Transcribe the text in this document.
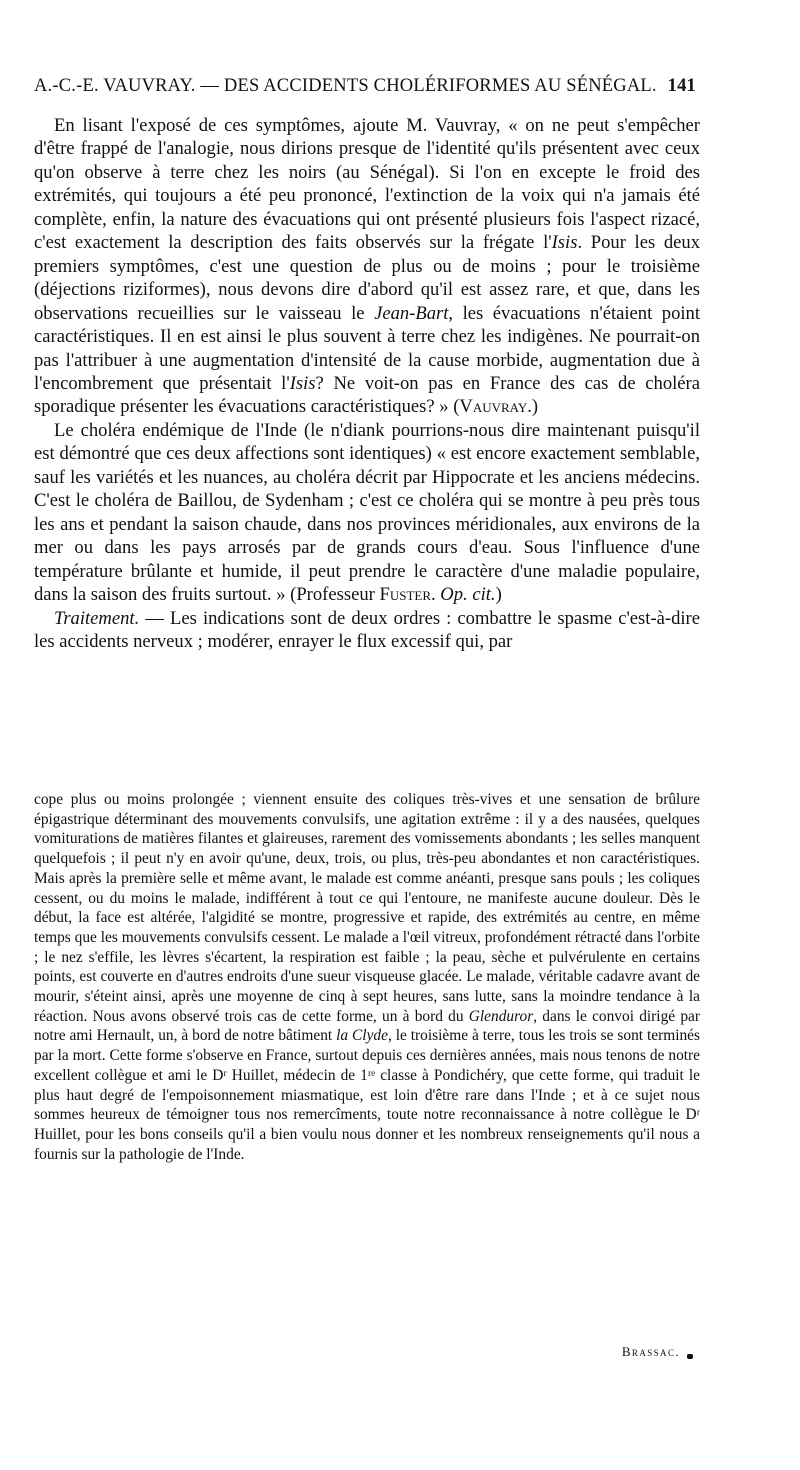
A.-C.-E. VAUVRAY. — DES ACCIDENTS CHOLÉRIFORMES AU SÉNÉGAL. 141

En lisant l'exposé de ces symptômes, ajoute M. Vauvray, « on ne peut s'empêcher d'être frappé de l'analogie, nous dirions presque de l'identité qu'ils présentent avec ceux qu'on observe à terre chez les noirs (au Sénégal). Si l'on en excepte le froid des extrémités, qui toujours a été peu prononcé, l'extinction de la voix qui n'a jamais été complète, enfin, la nature des évacuations qui ont présenté plusieurs fois l'aspect rizacé, c'est exactement la description des faits observés sur la frégate l'Isis. Pour les deux premiers symptômes, c'est une question de plus ou de moins ; pour le troisième (déjections riziformes), nous devons dire d'abord qu'il est assez rare, et que, dans les observations recueillies sur le vaisseau le Jean-Bart, les évacuations n'étaient point caractéristiques. Il en est ainsi le plus souvent à terre chez les indigènes. Ne pourrait-on pas l'attribuer à une augmentation d'intensité de la cause morbide, augmentation due à l'encombrement que présentait l'Isis? Ne voit-on pas en France des cas de choléra sporadique présenter les évacuations caractéristiques? » (Vauvray.)

Le choléra endémique de l'Inde (le n'diank pourrions-nous dire maintenant puisqu'il est démontré que ces deux affections sont identiques) « est encore exactement semblable, sauf les variétés et les nuances, au choléra décrit par Hippocrate et les anciens médecins. C'est le choléra de Baillou, de Sydenham ; c'est ce choléra qui se montre à peu près tous les ans et pendant la saison chaude, dans nos provinces méridionales, aux environs de la mer ou dans les pays arrosés par de grands cours d'eau. Sous l'influence d'une température brûlante et humide, il peut prendre le caractère d'une maladie populaire, dans la saison des fruits surtout. » (Professeur Fuster. Op. cit.)

Traitement. — Les indications sont de deux ordres : combattre le spasme c'est-à-dire les accidents nerveux ; modérer, enrayer le flux excessif qui, par

cope plus ou moins prolongée ; viennent ensuite des coliques très-vives et une sensation de brûlure épigastrique déterminant des mouvements convulsifs, une agitation extrême : il y a des nausées, quelques vomiturations de matières filantes et glaireuses, rarement des vomissements abondants ; les selles manquent quelquefois ; il peut n'y en avoir qu'une, deux, trois, ou plus, très-peu abondantes et non caractéristiques. Mais après la première selle et même avant, le malade est comme anéanti, presque sans pouls ; les coliques cessent, ou du moins le malade, indifférent à tout ce qui l'entoure, ne manifeste aucune douleur. Dès le début, la face est altérée, l'algidité se montre, progressive et rapide, des extrémités au centre, en même temps que les mouvements convulsifs cessent. Le malade a l'œil vitreux, profondément rétracté dans l'orbite ; le nez s'effile, les lèvres s'écartent, la respiration est faible ; la peau, sèche et pulvérulente en certains points, est couverte en d'autres endroits d'une sueur visqueuse glacée. Le malade, véritable cadavre avant de mourir, s'éteint ainsi, après une moyenne de cinq à sept heures, sans lutte, sans la moindre tendance à la réaction. Nous avons observé trois cas de cette forme, un à bord du Glenduror, dans le convoi dirigé par notre ami Hernault, un, à bord de notre bâtiment la Clyde, le troisième à terre, tous les trois se sont terminés par la mort. Cette forme s'observe en France, surtout depuis ces dernières années, mais nous tenons de notre excellent collègue et ami le Dʳ Huillet, médecin de 1ʳᵉ classe à Pondichéry, que cette forme, qui traduit le plus haut degré de l'empoisonnement miasmatique, est loin d'être rare dans l'Inde ; et à ce sujet nous sommes heureux de témoigner tous nos remercîments, toute notre reconnaissance à notre collègue le Dʳ Huillet, pour les bons conseils qu'il a bien voulu nous donner et les nombreux renseignements qu'il nous a fournis sur la pathologie de l'Inde.

Brassac.
